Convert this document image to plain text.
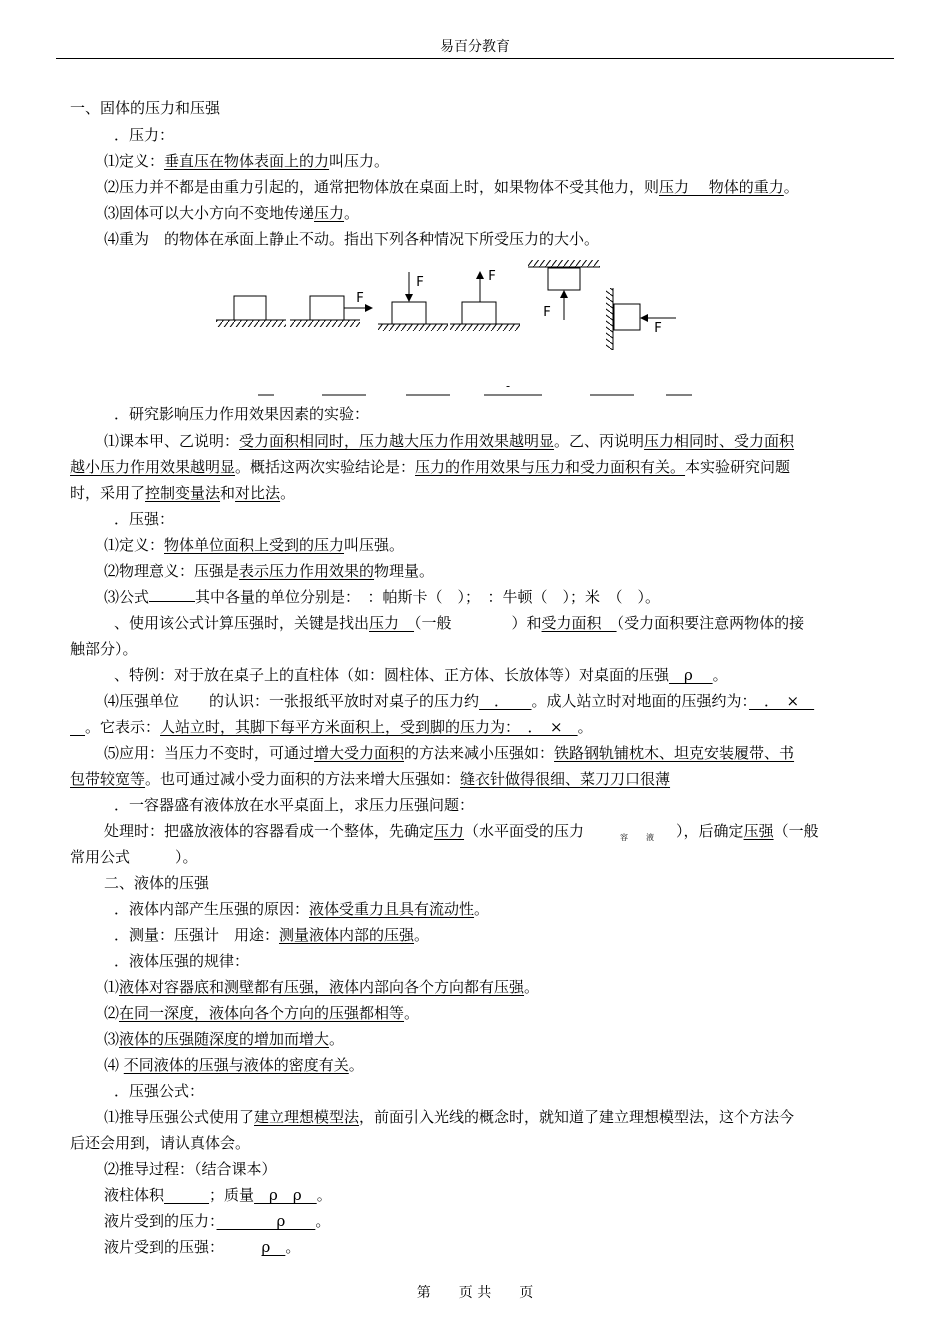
易百分教育
一、固体的压力和压强
．压力：
⑴定义：垂直压在物体表面上的力叫压力。
⑵压力并不都是由重力引起的，通常把物体放在桌面上时，如果物体不受其他力，则压力　 物体的重力。
⑶固体可以大小方向不变地传递压力。
⑷重为　的物体在承面上静止不动。指出下列各种情况下所受压力的大小。
F
F	F
F
F
-
．研究影响压力作用效果因素的实验：
⑴课本甲、乙说明：受力面积相同时，压力越大压力作用效果越明显。乙、丙说明压力相同时、受力面积
越小压力作用效果越明显。概括这两次实验结论是：压力的作用效果与压力和受力面积有关。本实验研究问题
时，采用了控制变量法和对比法。
．压强：
⑴定义：物体单位面积上受到的压力叫压强。
⑵物理意义：压强是表示压力作用效果的物理量。
⑶公式	其中各量的单位分别是：　：帕斯卡（　）；　：牛顿（　）；米　（　）。
、使用该公式计算压强时，关键是找出压力　（一般　　　　）和受力面积　（受力面积要注意两物体的接
触部分）。
、特例：对于放在桌子上的直柱体（如：圆柱体、正方体、长放体等）对桌面的压强　ρ　 。
⑷压强单位　　的认识：一张报纸平放时对桌子的压力约　．　　。成人站立时对地面的压强约为：　．　×　
　。它表示：人站立时，其脚下每平方米面积上，受到脚的压力为：　．　×　。
⑸应用：当压力不变时，可通过增大受力面积的方法来减小压强如：铁路钢轨铺枕木、坦克安装履带、书
包带较宽等。也可通过减小受力面积的方法来增大压强如：缝衣针做得很细、菜刀刀口很薄
．一容器盛有液体放在水平桌面上，求压力压强问题：
处理时：把盛放液体的容器看成一个整体，先确定压力（水平面受的压力	$_容$ $_液$ ），后确定压强（一般
常用公式　　　）。
二、液体的压强
．液体内部产生压强的原因：液体受重力且具有流动性。
．测量：压强计　用途：测量液体内部的压强。
．液体压强的规律：
⑴液体对容器底和测壁都有压强，液体内部向各个方向都有压强。
⑵在同一深度，液体向各个方向的压强都相等。
⑶液体的压强随深度的增加而增大。
⑷ 不同液体的压强与液体的密度有关。
．压强公式：
⑴推导压强公式使用了建立理想模型法，前面引入光线的概念时，就知道了建立理想模型法，这个方法今
后还会用到，请认真体会。
⑵推导过程：（结合课本）
液柱体积　　　	；质量　ρ　ρ　。
液片受到的压力：　　　　ρ　　。
液片受到的压强：　　　ρ　。
第　　页 共　　页
